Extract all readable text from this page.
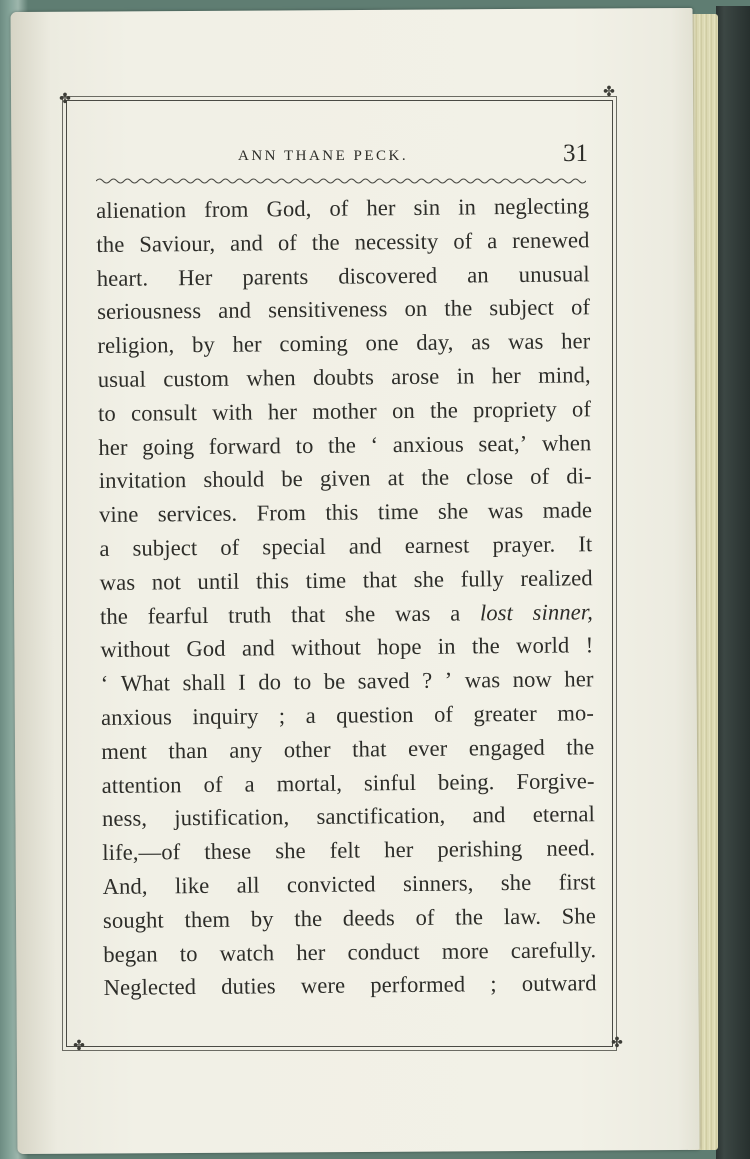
✤	✤
✤	✤
ANN THANE PECK.	31
alienation from God, of her sin in neglecting
the Saviour, and of the necessity of a renewed
heart. Her parents discovered an unusual
seriousness and sensitiveness on the subject of
religion, by her coming one day, as was her
usual custom when doubts arose in her mind,
to consult with her mother on the propriety of
her going forward to the ‘ anxious seat,’ when
invitation should be given at the close of di-
vine services. From this time she was made
a subject of special and earnest prayer. It
was not until this time that she fully realized
the fearful truth that she was a lost sinner,
without God and without hope in the world !
‘ What shall I do to be saved ? ’ was now her
anxious inquiry ; a question of greater mo-
ment than any other that ever engaged the
attention of a mortal, sinful being. Forgive-
ness, justification, sanctification, and eternal
life,—of these she felt her perishing need.
And, like all convicted sinners, she first
sought them by the deeds of the law. She
began to watch her conduct more carefully.
Neglected duties were performed ; outward
